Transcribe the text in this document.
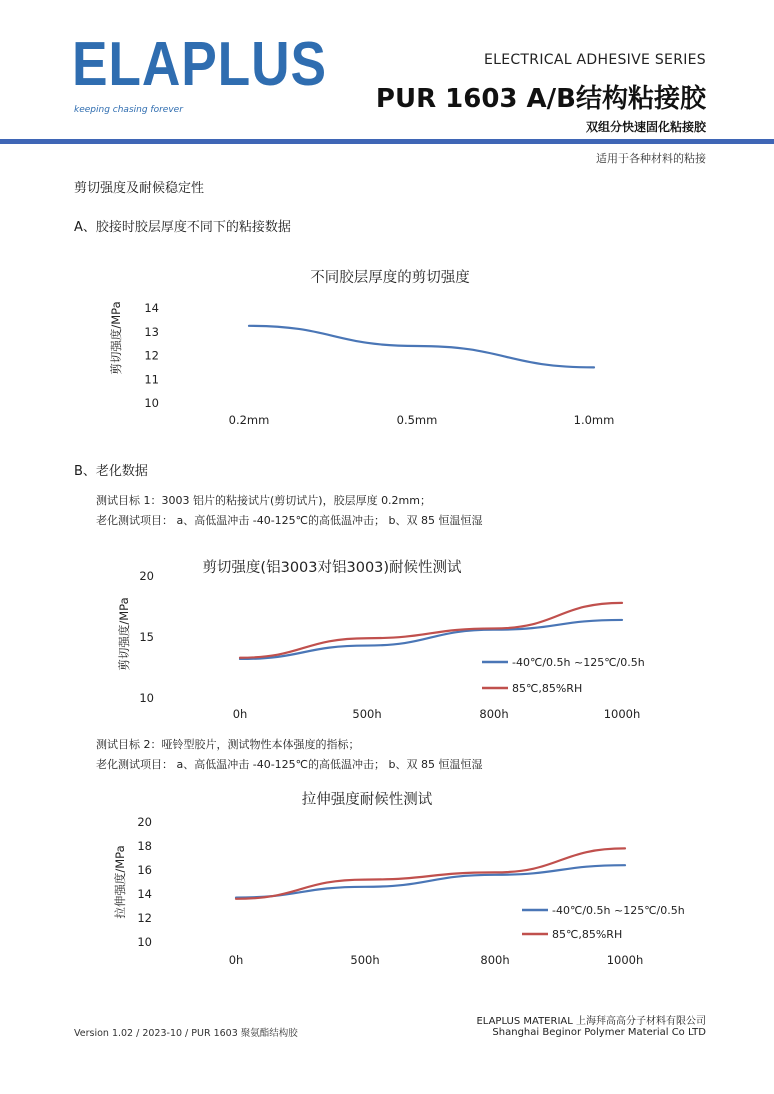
ELAPLUS
keeping chasing forever
ELECTRICAL ADHESIVE SERIES
PUR 1603 A/B结构粘接胶
双组分快速固化粘接胶
适用于各种材料的粘接
剪切强度及耐候稳定性
A、胶接时胶层厚度不同下的粘接数据
不同胶层厚度的剪切强度
剪切强度/MPa
10
11
12
13
14
0.2mm	0.5mm	1.0mm
B、老化数据
测试目标 1：3003 铝片的粘接试片(剪切试片)，胶层厚度 0.2mm；
老化测试项目： a、高低温冲击 -40-125℃的高低温冲击； b、双 85 恒温恒湿
剪切强度(铝3003对铝3003)耐候性测试
剪切强度/MPa
10
15
20
0h	500h	800h	1000h
-40℃/0.5h ~125℃/0.5h
85℃,85%RH
测试目标 2：哑铃型胶片，测试物性本体强度的指标；
老化测试项目： a、高低温冲击 -40-125℃的高低温冲击； b、双 85 恒温恒湿
拉伸强度耐候性测试
拉伸强度/MPa
10
12
14
16
18
20
0h	500h	800h	1000h
-40℃/0.5h ~125℃/0.5h
85℃,85%RH
ELAPLUS MATERIAL 上海拜高高分子材料有限公司
Shanghai Beginor Polymer Material Co LTD
Version 1.02 / 2023-10 / PUR 1603 聚氨酯结构胶
